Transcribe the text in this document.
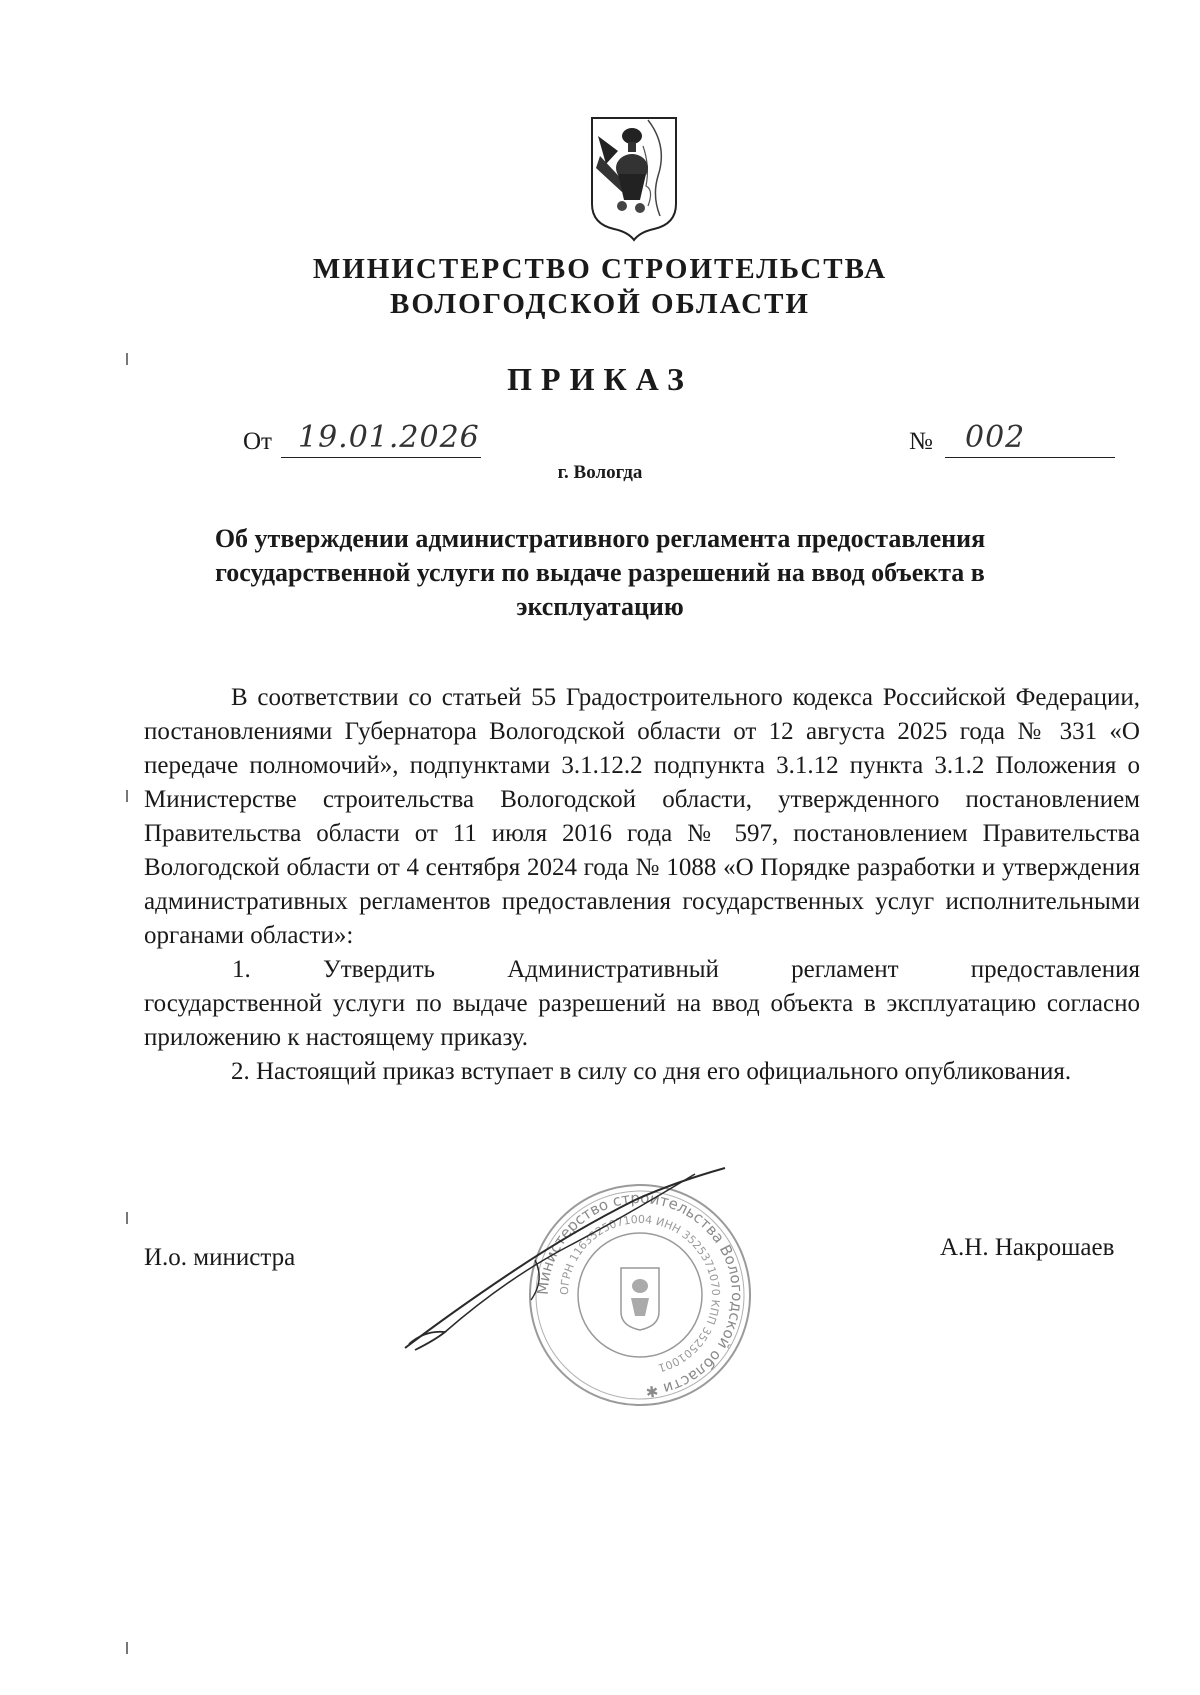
МИНИСТЕРСТВО СТРОИТЕЛЬСТВА
ВОЛОГОДСКОЙ ОБЛАСТИ
ПРИКАЗ
От 19.01.2026	№ 002
г. Вологда
Об утверждении административного регламента предоставления
государственной услуги по выдаче разрешений на ввод объекта в
эксплуатацию

В соответствии со статьей 55 Градостроительного кодекса Российской Федерации, постановлениями Губернатора Вологодской области от 12 августа 2025 года № 331 «О передаче полномочий», подпунктами 3.1.12.2 подпункта 3.1.12 пункта 3.1.2 Положения о Министерстве строительства Вологодской области, утвержденного постановлением Правительства области от 11 июля 2016 года № 597, постановлением Правительства Вологодской области от 4 сентября 2024 года № 1088 «О Порядке разработки и утверждения административных регламентов предоставления государственных услуг исполнительными органами области»:

1.	Утвердить	Административный	регламент	предоставления

государственной услуги по выдаче разрешений на ввод объекта в эксплуатацию согласно приложению к настоящему приказу.

2. Настоящий приказ вступает в силу со дня его официального опубликования.

Министерство строительства Вологодской области ✱
ОГРН 1163525071004 ИНН 3525371070 КПП 352501001
И.о. министра	А.Н. Накрошаев
